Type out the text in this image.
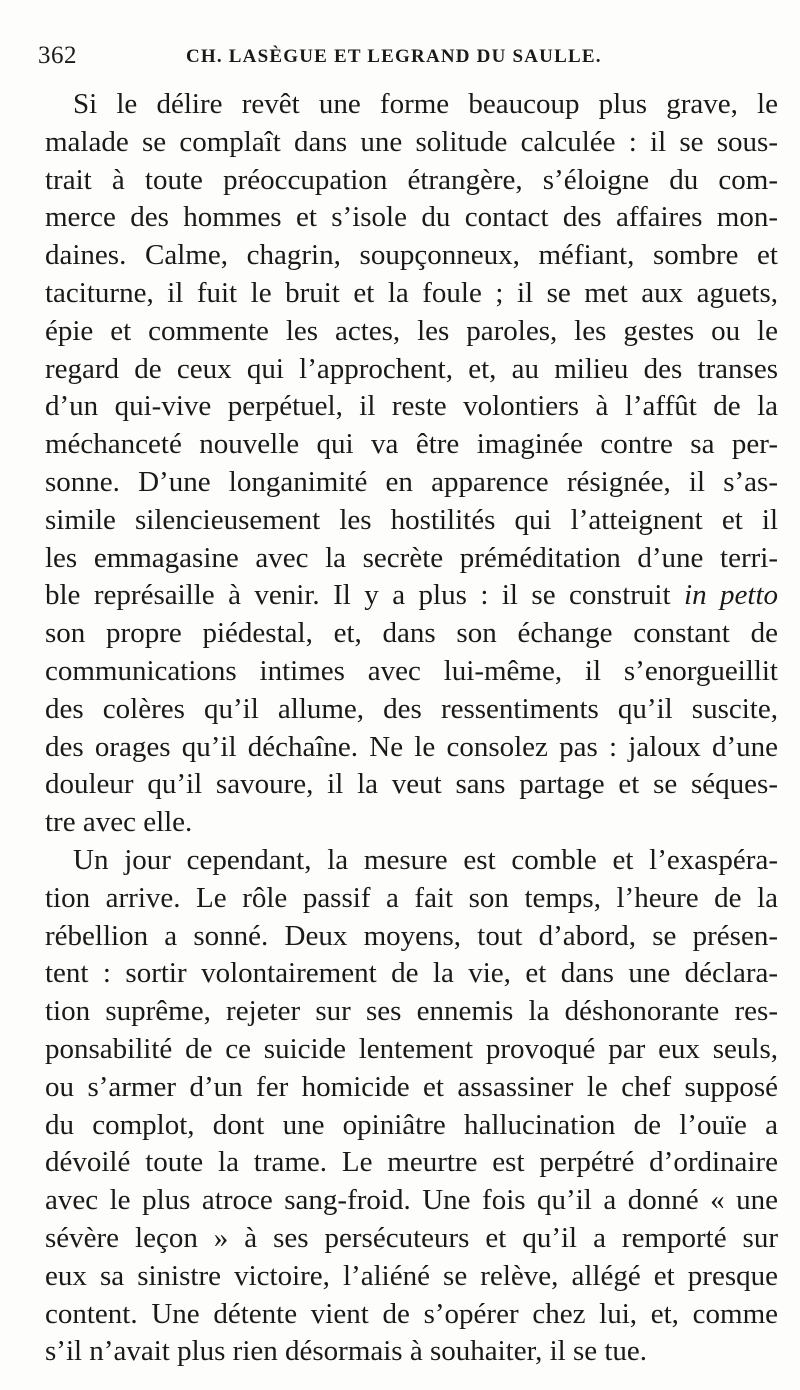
362	CH. LASÈGUE ET LEGRAND DU SAULLE.
Si le délire revêt une forme beaucoup plus grave, le
malade se complaît dans une solitude calculée : il se sous-
trait à toute préoccupation étrangère, s’éloigne du com-
merce des hommes et s’isole du contact des affaires mon-
daines. Calme, chagrin, soupçonneux, méfiant, sombre et
taciturne, il fuit le bruit et la foule ; il se met aux aguets,
épie et commente les actes, les paroles, les gestes ou le
regard de ceux qui l’approchent, et, au milieu des transes
d’un qui-vive perpétuel, il reste volontiers à l’affût de la
méchanceté nouvelle qui va être imaginée contre sa per-
sonne. D’une longanimité en apparence résignée, il s’as-
simile silencieusement les hostilités qui l’atteignent et il
les emmagasine avec la secrète préméditation d’une terri-
ble représaille à venir. Il y a plus : il se construit in petto
son propre piédestal, et, dans son échange constant de
communications intimes avec lui-même, il s’enorgueillit
des colères qu’il allume, des ressentiments qu’il suscite,
des orages qu’il déchaîne. Ne le consolez pas : jaloux d’une
douleur qu’il savoure, il la veut sans partage et se séques-
tre avec elle.
Un jour cependant, la mesure est comble et l’exaspéra-
tion arrive. Le rôle passif a fait son temps, l’heure de la
rébellion a sonné. Deux moyens, tout d’abord, se présen-
tent : sortir volontairement de la vie, et dans une déclara-
tion suprême, rejeter sur ses ennemis la déshonorante res-
ponsabilité de ce suicide lentement provoqué par eux seuls,
ou s’armer d’un fer homicide et assassiner le chef supposé
du complot, dont une opiniâtre hallucination de l’ouïe a
dévoilé toute la trame. Le meurtre est perpétré d’ordinaire
avec le plus atroce sang-froid. Une fois qu’il a donné « une
sévère leçon » à ses persécuteurs et qu’il a remporté sur
eux sa sinistre victoire, l’aliéné se relève, allégé et presque
content. Une détente vient de s’opérer chez lui, et, comme
s’il n’avait plus rien désormais à souhaiter, il se tue.
